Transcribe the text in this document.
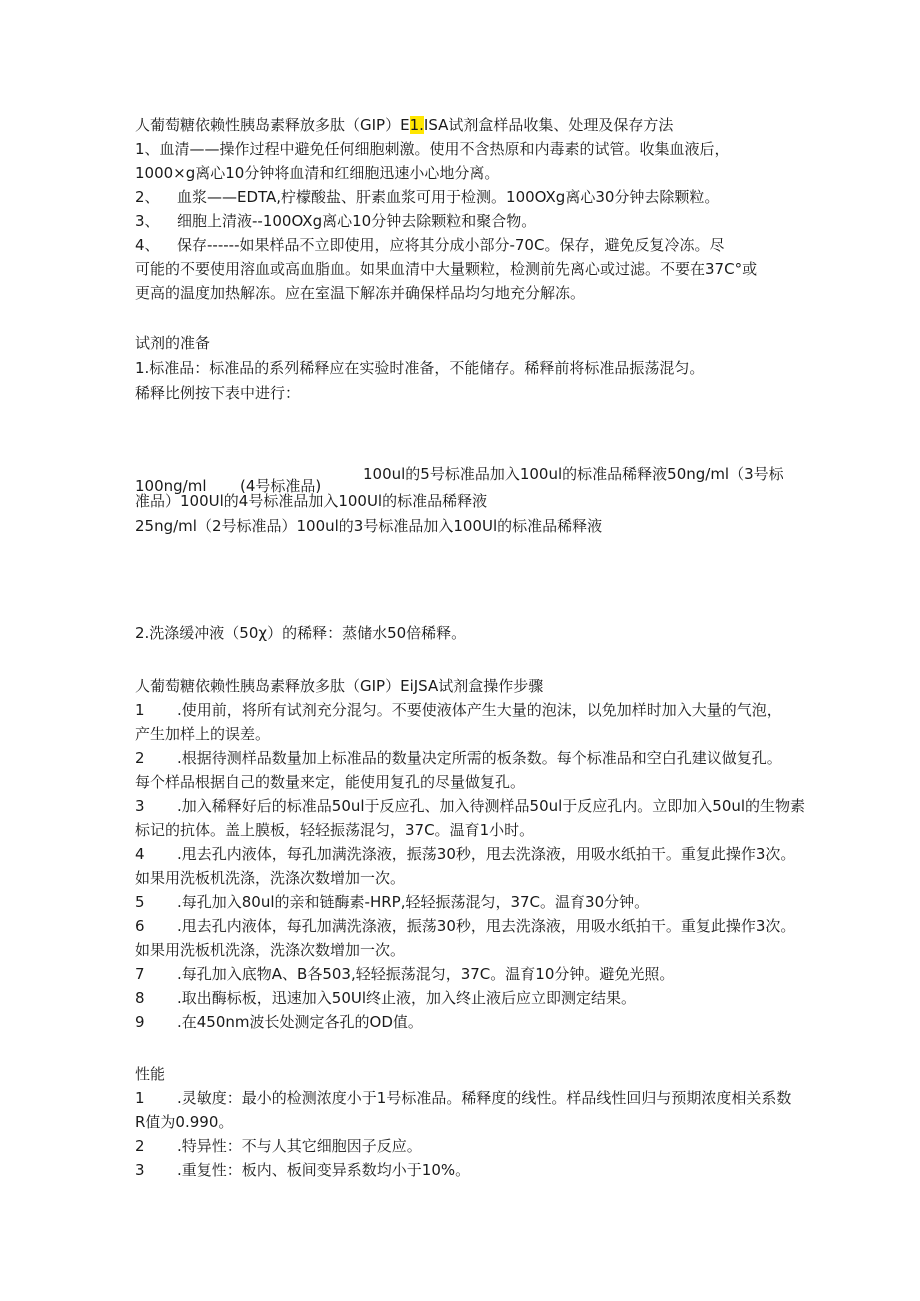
人葡萄糖依赖性胰岛素释放多肽（GIP）E1.ISA试剂盒样品收集、处理及保存方法
1、血清——操作过程中避免任何细胞刺激。使用不含热原和内毒素的试管。收集血液后，
1000×g离心10分钟将血清和红细胞迅速小心地分离。
2、 血浆——EDTA,柠檬酸盐、肝素血浆可用于检测。100OXg离心30分钟去除颗粒。
3、 细胞上清液--100OXg离心10分钟去除颗粒和聚合物。
4、 保存------如果样品不立即使用，应将其分成小部分-70C。保存，避免反复冷冻。尽
可能的不要使用溶血或高血脂血。如果血清中大量颗粒，检测前先离心或过滤。不要在37C°或
更高的温度加热解冻。应在室温下解冻并确保样品均匀地充分解冻。
试剂的准备
1.标准品：标准品的系列稀释应在实验时准备，不能储存。稀释前将标准品振荡混匀。
稀释比例按下表中进行：
100ng/ml (4号标准品)
100ul的5号标准品加入100ul的标准品稀释液50ng/ml（3号标
准品）100Ul的4号标准品加入100Ul的标准品稀释液
25ng/ml（2号标准品）100ul的3号标准品加入100Ul的标准品稀释液
2.洗涤缓冲液（50χ）的稀释：蒸储水50倍稀释。
人葡萄糖依赖性胰岛素释放多肽（GIP）EiJSA试剂盒操作步骤
1 .使用前，将所有试剂充分混匀。不要使液体产生大量的泡沫，以免加样时加入大量的气泡，
产生加样上的误差。
2 .根据待测样品数量加上标准品的数量决定所需的板条数。每个标准品和空白孔建议做复孔。
每个样品根据自己的数量来定，能使用复孔的尽量做复孔。
3 .加入稀释好后的标准品50ul于反应孔、加入待测样品50ul于反应孔内。立即加入50ul的生物素
标记的抗体。盖上膜板，轻轻振荡混匀，37C。温育1小时。
4 .甩去孔内液体，每孔加满洗涤液，振荡30秒，甩去洗涤液，用吸水纸拍干。重复此操作3次。
如果用洗板机洗涤，洗涤次数增加一次。
5 .每孔加入80ul的亲和链酶素-HRP,轻轻振荡混匀，37C。温育30分钟。
6 .甩去孔内液体，每孔加满洗涤液，振荡30秒，甩去洗涤液，用吸水纸拍干。重复此操作3次。
如果用洗板机洗涤，洗涤次数增加一次。
7 .每孔加入底物A、B各503,轻轻振荡混匀，37C。温育10分钟。避免光照。
8 .取出酶标板，迅速加入50Ul终止液，加入终止液后应立即测定结果。
9 .在450nm波长处测定各孔的OD值。
性能
1 .灵敏度：最小的检测浓度小于1号标准品。稀释度的线性。样品线性回归与预期浓度相关系数
R值为0.990。
2 .特异性：不与人其它细胞因子反应。
3 .重复性：板内、板间变异系数均小于10%。
